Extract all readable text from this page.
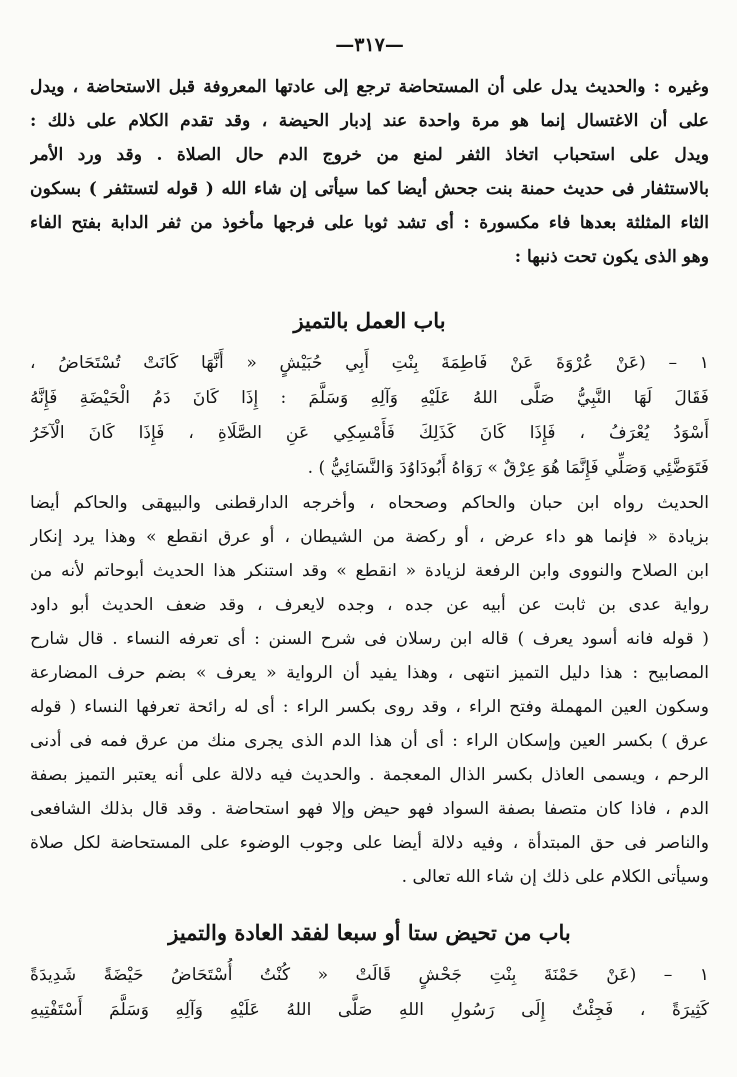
—٣١٧—
وغيره : والحديث يدل على أن المستحاضة ترجع إلى عادتها المعروفة قبل الاستحاضة ، ويدل
على أن الاغتسال إنما هو مرة واحدة عند إدبار الحيضة ، وقد تقدم الكلام على ذلك :
ويدل على استحباب اتخاذ الثفر لمنع من خروج الدم حال الصلاة . وقد ورد الأمر
بالاستثفار فى حديث حمنة بنت جحش أيضا كما سيأتى إن شاء الله ( قوله لتستثفر ) بسكون
الثاء المثلثة بعدها فاء مكسورة : أى تشد ثوبا على فرجها مأخوذ من ثفر الدابة بفتح الفاء
وهو الذى يكون تحت ذنبها :
باب العمل بالتميز
١ – (عَنْ عُرْوَةَ عَنْ فَاطِمَةَ بِنْتِ أَبِي حُبَيْشٍ « أَنَّهَا كَانَتْ تُسْتَحَاضُ ،
فَقَالَ لَهَا النَّبِيُّ صَلَّى اللهُ عَلَيْهِ وَآلِهِ وَسَلَّمَ : إِذَا كَانَ دَمُ الْحَيْضَةِ فَإِنَّهُ
أَسْوَدُ يُعْرَفُ ، فَإِذَا كَانَ كَذَلِكَ فَأَمْسِكِي عَنِ الصَّلَاةِ ، فَإِذَا كَانَ الْآخَرُ
فَتَوَضَّئِي وَصَلِّي فَإِنَّمَا هُوَ عِرْقٌ » رَوَاهُ أَبُودَاوُدَ وَالنَّسَائِيُّ ) .
الحديث رواه ابن حبان والحاكم وصححاه ، وأخرجه الدارقطنى والبيهقى والحاكم أيضا
بزيادة « فإنما هو داء عرض ، أو ركضة من الشيطان ، أو عرق انقطع » وهذا يرد إنكار
ابن الصلاح والنووى وابن الرفعة لزيادة « انقطع » وقد استنكر هذا الحديث أبوحاتم لأنه من
رواية عدى بن ثابت عن أبيه عن جده ، وجده لايعرف ، وقد ضعف الحديث أبو داود
( قوله فانه أسود يعرف ) قاله ابن رسلان فى شرح السنن : أى تعرفه النساء . قال شارح
المصابيح : هذا دليل التميز انتهى ، وهذا يفيد أن الرواية « يعرف » بضم حرف المضارعة
وسكون العين المهملة وفتح الراء ، وقد روى بكسر الراء : أى له رائحة تعرفها النساء ( قوله
عرق ) بكسر العين وإسكان الراء : أى أن هذا الدم الذى يجرى منك من عرق فمه فى أدنى
الرحم ، ويسمى العاذل بكسر الذال المعجمة . والحديث فيه دلالة على أنه يعتبر التميز بصفة
الدم ، فاذا كان متصفا بصفة السواد فهو حيض وإلا فهو استحاضة . وقد قال بذلك الشافعى
والناصر فى حق المبتدأة ، وفيه دلالة أيضا على وجوب الوضوء على المستحاضة لكل صلاة
وسيأتى الكلام على ذلك إن شاء الله تعالى .
باب من تحيض ستا أو سبعا لفقد العادة والتميز
١ – (عَنْ حَمْنَةَ بِنْتِ جَحْشٍ قَالَتْ « كُنْتُ أُسْتَحَاضُ حَيْضَةً شَدِيدَةً
كَثِيرَةً ، فَجِئْتُ إِلَى رَسُولِ اللهِ صَلَّى اللهُ عَلَيْهِ وَآلِهِ وَسَلَّمَ أَسْتَفْتِيهِ
